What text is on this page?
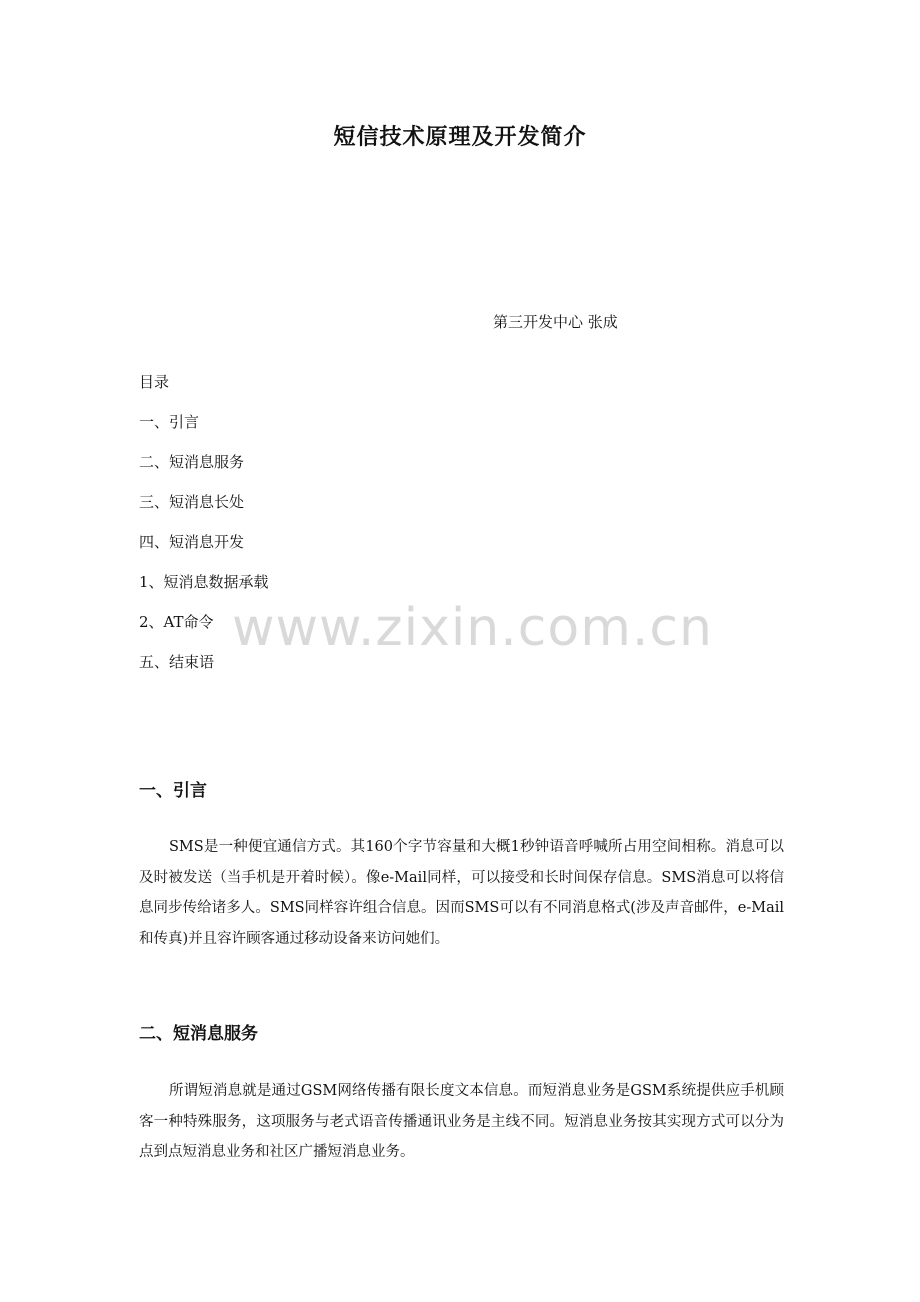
短信技术原理及开发简介
第三开发中心 张成
目录
一、引言
二、短消息服务
三、短消息长处
四、短消息开发
1、短消息数据承载
2、AT命令
五、结束语
www.zixin.com.cn
一、引言

SMS是一种便宜通信方式。其160个字节容量和大概1秒钟语音呼喊所占用空间相称。消息可以及时被发送（当手机是开着时候）。像e-Mail同样，可以接受和长时间保存信息。SMS消息可以将信息同步传给诸多人。SMS同样容许组合信息。因而SMS可以有不同消息格式(涉及声音邮件，e-Mail和传真)并且容许顾客通过移动设备来访问她们。

二、短消息服务

所谓短消息就是通过GSM网络传播有限长度文本信息。而短消息业务是GSM系统提供应手机顾客一种特殊服务，这项服务与老式语音传播通讯业务是主线不同。短消息业务按其实现方式可以分为点到点短消息业务和社区广播短消息业务。
